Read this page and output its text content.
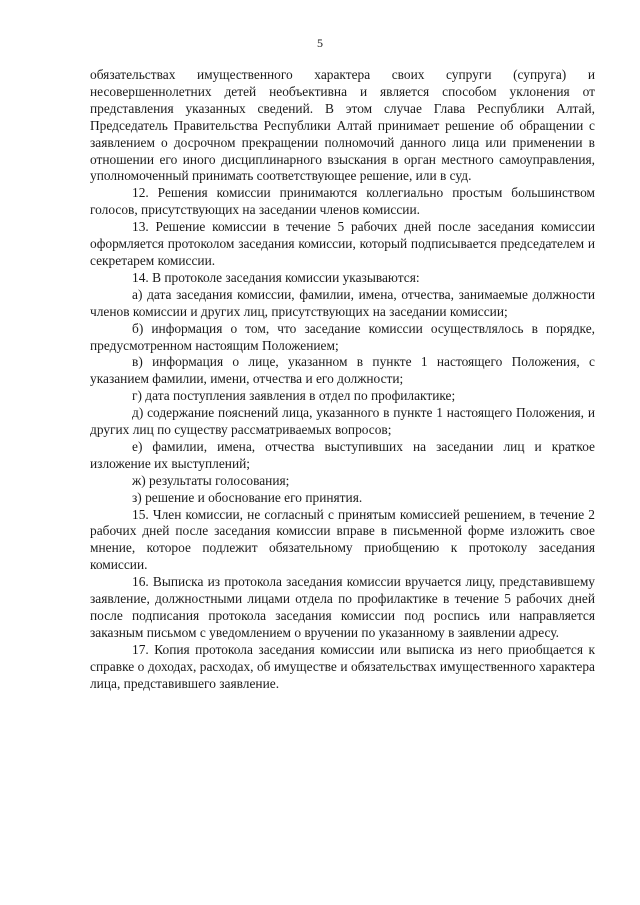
5

обязательствах имущественного характера своих супруги (супруга) и несовершеннолетних детей необъективна и является способом уклонения от представления указанных сведений. В этом случае Глава Республики Алтай, Председатель Правительства Республики Алтай принимает решение об обращении с заявлением о досрочном прекращении полномочий данного лица или применении в отношении его иного дисциплинарного взыскания в орган местного самоуправления, уполномоченный принимать соответствующее решение, или в суд.

12. Решения комиссии принимаются коллегиально простым большинством голосов, присутствующих на заседании членов комиссии.

13. Решение комиссии в течение 5 рабочих дней после заседания комиссии оформляется протоколом заседания комиссии, который подписывается председателем и секретарем комиссии.

14. В протоколе заседания комиссии указываются:

а) дата заседания комиссии, фамилии, имена, отчества, занимаемые должности членов комиссии и других лиц, присутствующих на заседании комиссии;

б) информация о том, что заседание комиссии осуществлялось в порядке, предусмотренном настоящим Положением;

в) информация о лице, указанном в пункте 1 настоящего Положения, с указанием фамилии, имени, отчества и его должности;

г) дата поступления заявления в отдел по профилактике;

д) содержание пояснений лица, указанного в пункте 1 настоящего Положения, и других лиц по существу рассматриваемых вопросов;

е) фамилии, имена, отчества выступивших на заседании лиц и краткое изложение их выступлений;

ж) результаты голосования;

з) решение и обоснование его принятия.

15. Член комиссии, не согласный с принятым комиссией решением, в течение 2 рабочих дней после заседания комиссии вправе в письменной форме изложить свое мнение, которое подлежит обязательному приобщению к протоколу заседания комиссии.

16. Выписка из протокола заседания комиссии вручается лицу, представившему заявление, должностными лицами отдела по профилактике в течение 5 рабочих дней после подписания протокола заседания комиссии под роспись или направляется заказным письмом с уведомлением о вручении по указанному в заявлении адресу.

17. Копия протокола заседания комиссии или выписка из него приобщается к справке о доходах, расходах, об имуществе и обязательствах имущественного характера лица, представившего заявление.
